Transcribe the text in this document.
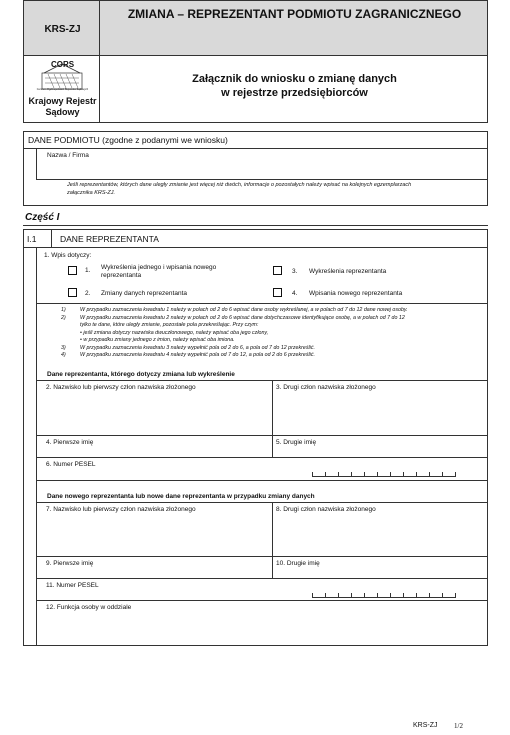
KRS-ZJ
CORS
Centrum Ogólnopolskich Rejestrów Sądowych
Krajowy Rejestr
Sądowy
ZMIANA – REPREZENTANT PODMIOTU ZAGRANICZNEGO
Załącznik do wniosku o zmianę danych
w rejestrze przedsiębiorców
DANE PODMIOTU (zgodne z podanymi we wniosku)
Nazwa / Firma
Jeśli reprezentantów, których dane uległy zmianie jest więcej niż dwóch, informacje o pozostałych należy wpisać na kolejnych egzemplarzach
załącznika KRS-ZJ.
Część I
I.1	DANE REPREZENTANTA
1. Wpis dotyczy:
1. Wykreślenia jednego i wpisania nowego
reprezentanta
2. Zmiany danych reprezentanta
3. Wykreślenia reprezentanta
4. Wpisania nowego reprezentanta
1)	W przypadku zaznaczenia kwadratu 1 należy w polach od 2 do 6 wpisać dane osoby wykreślanej, a w polach od 7 do 12 dane nowej osoby.
2)	W przypadku zaznaczenia kwadratu 2 należy w polach od 2 do 6 wpisać dane dotychczasowe identyfikujące osobę, a w polach od 7 do 12
tylko te dane, które uległy zmianie, pozostałe pola przekreślając. Przy czym:
• jeśli zmiana dotyczy nazwiska dwuczłonowego, należy wpisać oba jego człony,
• w przypadku zmiany jednego z imion, należy wpisać oba imiona.
3)	W przypadku zaznaczenia kwadratu 3 należy wypełnić pola od 2 do 6, a pola od 7 do 12 przekreślić.
4)	W przypadku zaznaczenia kwadratu 4 należy wypełnić pola od 7 do 12, a pola od 2 do 6 przekreślić.
Dane reprezentanta, którego dotyczy zmiana lub wykreślenie
2. Nazwisko lub pierwszy człon nazwiska złożonego	3. Drugi człon nazwiska złożonego
4. Pierwsze imię	5. Drugie imię
6. Numer PESEL
Dane nowego reprezentanta lub nowe dane reprezentanta w przypadku zmiany danych
7. Nazwisko lub pierwszy człon nazwiska złożonego	8. Drugi człon nazwiska złożonego
9. Pierwsze imię	10. Drugie imię
11. Numer PESEL
12. Funkcja osoby w oddziale
KRS-ZJ 1/2
